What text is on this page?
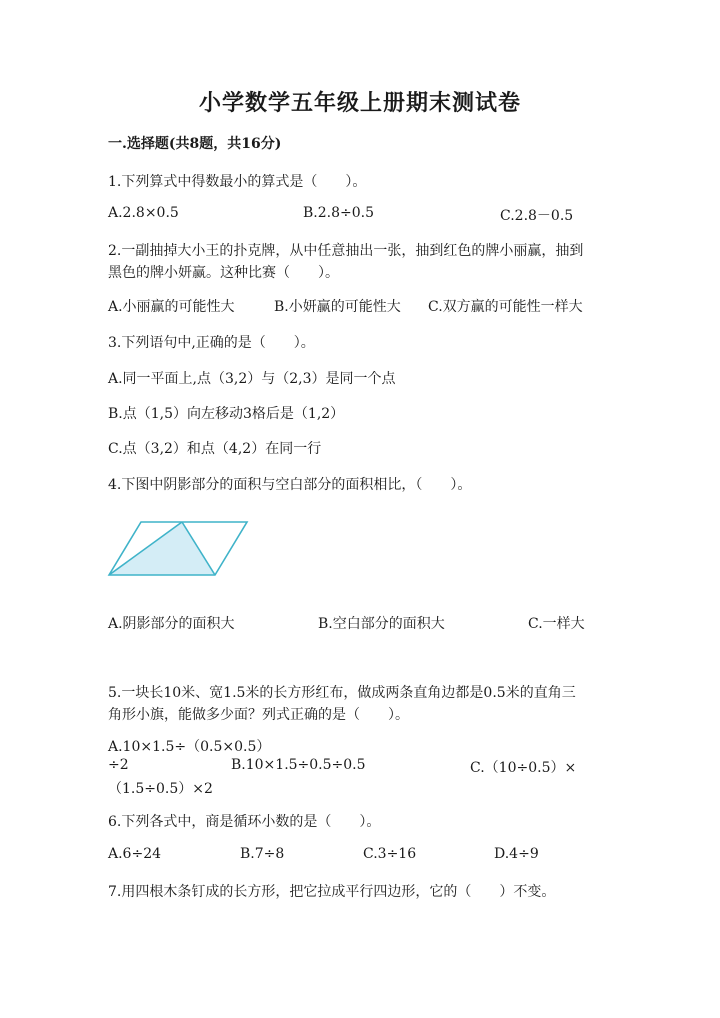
小学数学五年级上册期末测试卷
一.选择题(共8题，共16分)
1.下列算式中得数最小的算式是（　　）。
A.2.8×0.5	B.2.8÷0.5	C.2.8－0.5
2.一副抽掉大小王的扑克牌，从中任意抽出一张，抽到红色的牌小丽赢，抽到
黑色的牌小妍赢。这种比赛（　　）。
A.小丽赢的可能性大	B.小妍赢的可能性大 C.双方赢的可能性一样大
3.下列语句中,正确的是（　　）。
A.同一平面上,点（3,2）与（2,3）是同一个点
B.点（1,5）向左移动3格后是（1,2）
C.点（3,2）和点（4,2）在同一行
4.下图中阴影部分的面积与空白部分的面积相比，（　　）。
A.阴影部分的面积大	B.空白部分的面积大	C.一样大
5.一块长10米、宽1.5米的长方形红布，做成两条直角边都是0.5米的直角三
角形小旗，能做多少面？列式正确的是（　　）。
A.10×1.5÷（0.5×0.5）
÷2	B.10×1.5÷0.5÷0.5	C.（10÷0.5）×
（1.5÷0.5）×2
6.下列各式中，商是循环小数的是（　　）。
A.6÷24	B.7÷8	C.3÷16	D.4÷9
7.用四根木条钉成的长方形，把它拉成平行四边形，它的（　　）不变。
